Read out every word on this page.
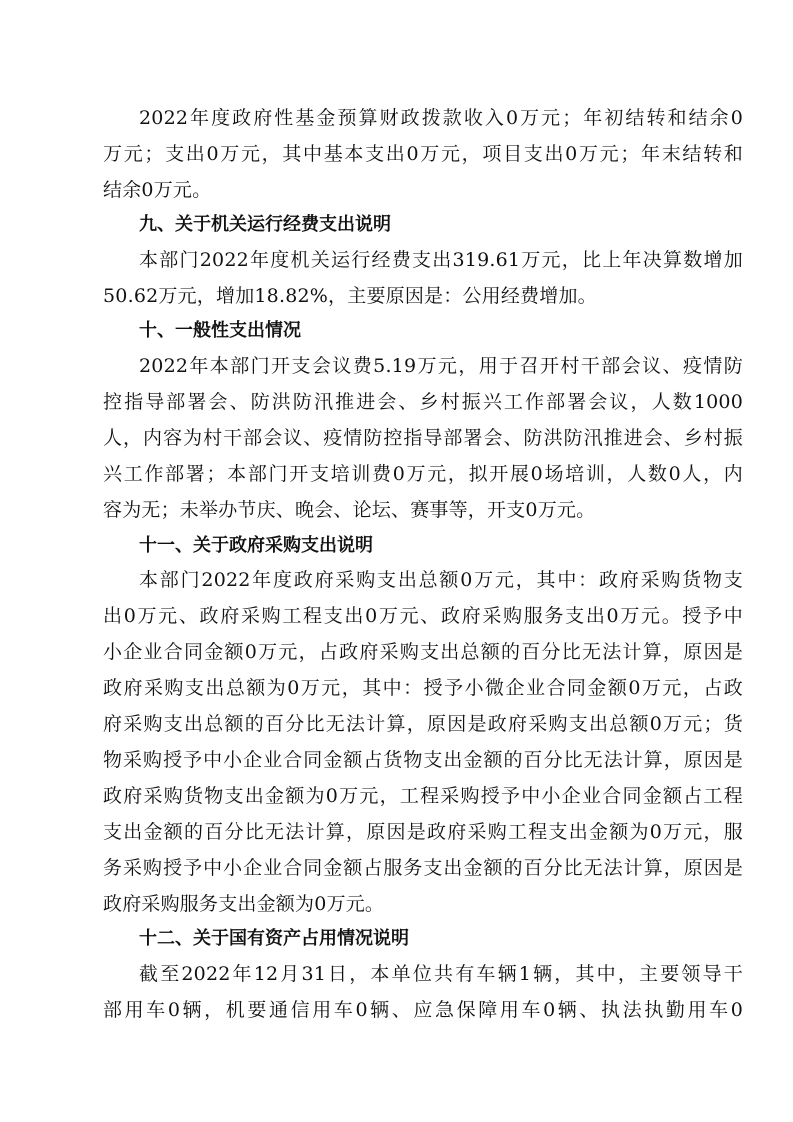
2022年度政府性基金预算财政拨款收入0万元；年初结转和结余0
万元；支出0万元，其中基本支出0万元，项目支出0万元；年末结转和
结余0万元。
九、关于机关运行经费支出说明
本部门2022年度机关运行经费支出319.61万元，比上年决算数增加
50.62万元，增加18.82%，主要原因是：公用经费增加。
十、一般性支出情况
2022年本部门开支会议费5.19万元，用于召开村干部会议、疫情防
控指导部署会、防洪防汛推进会、乡村振兴工作部署会议，人数1000
人，内容为村干部会议、疫情防控指导部署会、防洪防汛推进会、乡村振
兴工作部署；本部门开支培训费0万元，拟开展0场培训，人数0人，内
容为无；未举办节庆、晚会、论坛、赛事等，开支0万元。
十一、关于政府采购支出说明
本部门2022年度政府采购支出总额0万元，其中：政府采购货物支
出0万元、政府采购工程支出0万元、政府采购服务支出0万元。授予中
小企业合同金额0万元，占政府采购支出总额的百分比无法计算，原因是
政府采购支出总额为0万元，其中：授予小微企业合同金额0万元，占政
府采购支出总额的百分比无法计算，原因是政府采购支出总额0万元；货
物采购授予中小企业合同金额占货物支出金额的百分比无法计算，原因是
政府采购货物支出金额为0万元，工程采购授予中小企业合同金额占工程
支出金额的百分比无法计算，原因是政府采购工程支出金额为0万元，服
务采购授予中小企业合同金额占服务支出金额的百分比无法计算，原因是
政府采购服务支出金额为0万元。
十二、关于国有资产占用情况说明
截至2022年12月31日，本单位共有车辆1辆，其中，主要领导干
部用车0辆，机要通信用车0辆、应急保障用车0辆、执法执勤用车0
